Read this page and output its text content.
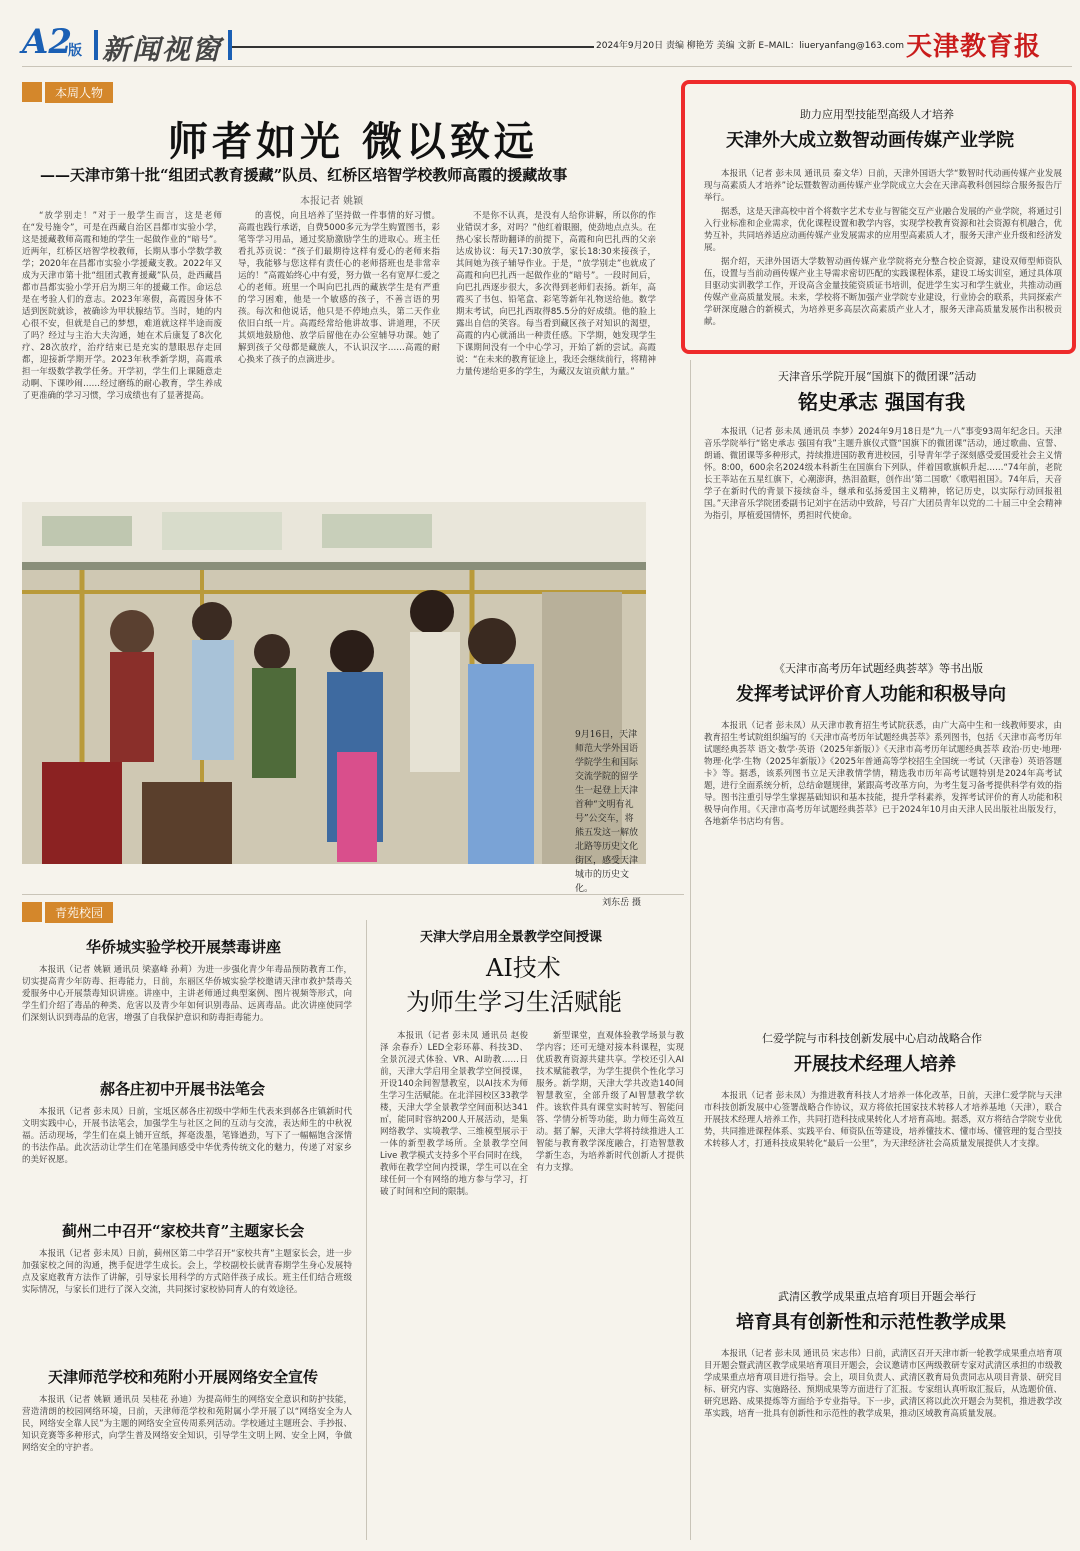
A2
版 新闻视窗	2024年9月20日 责编 柳艳芳 美编 文新 E–MAIL：liueryanfang@163.com 天津教育报
本周人物
师者如光 微以致远
——天津市第十批“组团式教育援藏”队员、红桥区培智学校教师高霞的援藏故事
本报记者 姚颖

“放学别走！”对于一般学生而言，这是老师在“发号施令”，可是在西藏自治区昌都市实验小学，这是援藏教师高霞和她的学生一起做作业的“暗号”。近两年，红桥区培智学校教师，长期从事小学数学教学；2020年在昌都市实验小学援藏支教。2022年又成为天津市第十批“组团式教育援藏”队员，赴西藏昌都市昌都实验小学开启为期三年的援藏工作。命运总是在考验人们的意志。2023年寒假，高霞因身体不适到医院就诊，被确诊为甲状腺结节。当时，她的内心很不安，但就是自己的梦想，难道就这样半途而废了吗？经过与主治大夫沟通，她在术后康复了8次化疗、28次放疗，治疗结束已是充实的慧眼思存走回都，迎接新学期开学。2023年秋季新学期，高霞承担一年级数学教学任务。开学初，学生们上课随意走动啊、下课吵闹……经过磨练的耐心教育，学生养成了更准确的学习习惯，学习成绩也有了显著提高。

的喜悦，向且培养了坚持做一件事情的好习惯。高霞也践行承诺，自费5000多元为学生购置图书，彩笔等学习用品，通过奖励激励学生的进取心。班主任看扎苏贡说：“孩子们最期待这样有爱心的老师来指导，我能够与您这样有责任心的老师搭班也是非常幸运的！”高霞始终心中有爱，努力做一名有宽厚仁爱之心的老师。班里一个叫向巴扎西的藏族学生是有严重的学习困难，他是一个敏感的孩子，不善言语的男孩。每次和他说话，他只是不停地点头，第二天作业依旧白纸一片。高霞经常给他讲故事、讲道理，不厌其烦地鼓励他、放学后留他在办公室辅导功课。她了解到孩子父母都是藏族人，不认识汉字……高霞的耐心换来了孩子的点滴进步。

不是你不认真，是没有人给你讲解，所以你的作业错误才多，对吗？”他红着眼圈，使劲地点点头。在热心家长帮助翻译的前提下，高霞和向巴扎西的父亲达成协议：每天17:30放学，家长18:30来接孩子，其间她为孩子辅导作业。于是，“放学别走”也就成了高霞和向巴扎西一起做作业的“暗号”。一段时间后，向巴扎西逐步很大，多次得到老师们表扬。新年，高霞买了书包、铅笔盒、彩笔等新年礼物送给他。数学期末考试，向巴扎西取得85.5分的好成绩。他的脸上露出自信的笑容。每当看到藏区孩子对知识的渴望，高霞的内心就涌出一种责任感。下学期，她发现学生下课期间没有一个中心学习，开始了新的尝试。高霞说：“在未来的教育征途上，我还会继续前行，将精神力量传递给更多的学生，为藏汉友谊贡献力量。”

9月16日，天津师范大学外国语学院学生和国际交流学院的留学生一起登上天津首种“文明有礼号”公交车，将熊五发这一解放北路等历史文化街区，感受天津城市的历史文化。

刘东岳 摄
助力应用型技能型高级人才培养
天津外大成立数智动画传媒产业学院

本报讯（记者 彭未凤 通讯员 秦文华）日前，天津外国语大学“数智时代动画传媒产业发展现与高素质人才培养”论坛暨数智动画传媒产业学院成立大会在天津高教科创园综合服务报告厅举行。

据悉，这是天津高校中首个将数字艺术专业与智能交互产业融合发展的产业学院，将通过引入行业标准和企业需求，优化课程设置和教学内容，实现学校教育资源和社会资源有机融合，优势互补，共同培养适应动画传媒产业发展需求的应用型高素质人才，服务天津产业升级和经济发展。

据介绍，天津外国语大学数智动画传媒产业学院将充分整合校企资源，建设双师型师资队伍，设置与当前动画传媒产业主导需求密切匹配的实践课程体系，建设工场实训室，通过具体项目驱动实训教学工作，开设高含金量技能资质证书培训，促进学生实习和学生就业，共推动动画传媒产业高质量发展。未来，学校将不断加强产业学院专业建设，行业协会的联系，共同探索产学研深度融合的新模式，为培养更多高层次高素质产业人才，服务天津高质量发展作出积极贡献。

天津音乐学院开展“国旗下的微团课”活动
铭史承志 强国有我

本报讯（记者 彭未凤 通讯员 李梦）2024年9月18日是“九一八”事变93周年纪念日。天津音乐学院举行“铭史承志 强国有我”主题升旗仪式暨“国旗下的微团课”活动，通过歌曲、宣誓、朗诵、微团课等多种形式，持续推进国防教育进校园，引导青年学子深刻感受爱国爱社会主义情怀。8:00，600余名2024级本科新生在国旗台下列队，伴着国歌旗帜升起……“74年前，老院长王莘站在五星红旗下，心潮澎湃，热泪盈眶，创作出‘第二国歌’《歌唱祖国》。74年后，天音学子在新时代的背景下接续奋斗，继承和弘扬爱国主义精神，铭记历史，以实际行动回报祖国。”天津音乐学院团委副书记刘宇在活动中致辞，号召广大团员青年以党的二十届三中全会精神为指引，厚植爱国情怀，勇担时代使命。

《天津市高考历年试题经典荟萃》等书出版
发挥考试评价育人功能和积极导向

本报讯（记者 彭未凤）从天津市教育招生考试院获悉，由广大高中生和一线教师要求，由教育招生考试院组织编写的《天津市高考历年试题经典荟萃》系列图书，包括《天津市高考历年试题经典荟萃 语文·数学·英语（2025年新版）》《天津市高考历年试题经典荟萃 政治·历史·地理·物理·化学·生物（2025年新版）》《2025年普通高等学校招生全国统一考试（天津卷）英语答题卡》等。据悉，该系列图书立足天津教情学情，精选我市历年高考试题特别是2024年高考试题，进行全面系统分析，总结命题规律，紧跟高考改革方向，为考生复习备考提供科学有效的指导。图书注重引导学生掌握基础知识和基本技能，提升学科素养，发挥考试评价的育人功能和积极导向作用。《天津市高考历年试题经典荟萃》已于2024年10月由天津人民出版社出版发行，各地新华书店均有售。

仁爱学院与市科技创新发展中心启动战略合作
开展技术经理人培养

本报讯（记者 彭未凤）为推进教育科技人才培养一体化改革，日前，天津仁爱学院与天津市科技创新发展中心签署战略合作协议，双方将依托国家技术转移人才培养基地（天津），联合开展技术经理人培养工作，共同打造科技成果转化人才培育高地。据悉，双方将结合学院专业优势，共同推进课程体系、实践平台、师资队伍等建设，培养懂技术、懂市场、懂管理的复合型技术转移人才，打通科技成果转化“最后一公里”，为天津经济社会高质量发展提供人才支撑。

武清区教学成果重点培育项目开题会举行
培育具有创新性和示范性教学成果

本报讯（记者 彭未凤 通讯员 宋志伟）日前，武清区召开天津市新一轮教学成果重点培育项目开题会暨武清区教学成果培育项目开题会，会议邀请市区两级教研专家对武清区承担的市级教学成果重点培育项目进行指导。会上，项目负责人、武清区教育局负责同志从项目背景、研究目标、研究内容、实施路径、预期成果等方面进行了汇报。专家组认真听取汇报后，从选题价值、研究思路、成果提炼等方面给予专业指导。下一步，武清区将以此次开题会为契机，推进教学改革实践，培育一批具有创新性和示范性的教学成果，推动区域教育高质量发展。

青苑校园
华侨城实验学校开展禁毒讲座

本报讯（记者 姚颖 通讯员 梁嘉峰 孙莉）为进一步强化青少年毒品预防教育工作，切实提高青少年防毒、拒毒能力，日前，东丽区华侨城实验学校邀请天津市救护禁毒关爱服务中心开展禁毒知识讲座。讲座中，主讲老师通过典型案例、图片视频等形式，向学生们介绍了毒品的种类、危害以及青少年如何识别毒品、远离毒品。此次讲座使同学们深刻认识到毒品的危害，增强了自我保护意识和防毒拒毒能力。

郝各庄初中开展书法笔会

本报讯（记者 彭未凤）日前，宝坻区郝各庄初级中学师生代表来到郝各庄镇新时代文明实践中心，开展书法笔会，加强学生与社区之间的互动与交流，表达师生的中秋祝福。活动现场，学生们在桌上铺开宣纸，挥毫泼墨，笔锋遒劲，写下了一幅幅饱含深情的书法作品。此次活动让学生们在笔墨间感受中华优秀传统文化的魅力，传递了对家乡的美好祝愿。

蓟州二中召开“家校共育”主题家长会

本报讯（记者 彭未凤）日前，蓟州区第二中学召开“家校共育”主题家长会，进一步加强家校之间的沟通，携手促进学生成长。会上，学校副校长就青春期学生身心发展特点及家庭教育方法作了讲解，引导家长用科学的方式陪伴孩子成长。班主任们结合班级实际情况，与家长们进行了深入交流，共同探讨家校协同育人的有效途径。

天津师范学校和苑附小开展网络安全宣传

本报讯（记者 姚颖 通讯员 吴桂花 孙迪）为提高师生的网络安全意识和防护技能，营造清朗的校园网络环境，日前，天津师范学校和苑附属小学开展了以“网络安全为人民，网络安全靠人民”为主题的网络安全宣传周系列活动。学校通过主题班会、手抄报、知识竞赛等多种形式，向学生普及网络安全知识，引导学生文明上网、安全上网，争做网络安全的守护者。

天津大学启用全景教学空间授课
AI技术
为师生学习生活赋能

本报讯（记者 彭未凤 通讯员 赵俊泽 余春乔）LED全彩环幕、科技3D、全景沉浸式体验、VR、AI助教……日前，天津大学启用全景教学空间授课，开设140余间智慧教室，以AI技术为师生学习生活赋能。在北洋园校区33教学楼，天津大学全景教学空间面积达341㎡，能同时容纳200人开展活动，是集网络教学、实境教学、三维模型展示于一体的新型教学场所。全景教学空间 Live 教学模式支持多个平台同时在线，教师在教学空间内授课，学生可以在全球任何一个有网络的地方参与学习，打破了时间和空间的限制。

新型课堂，直观体验教学场景与教学内容；还可无缝对接本科课程，实现优质教育资源共建共享。学校还引入AI技术赋能教学，为学生提供个性化学习服务。新学期，天津大学共改造140间智慧教室，全部升级了AI智慧教学软件。该软件具有课堂实时转写、智能问答、学情分析等功能，助力师生高效互动。据了解，天津大学将持续推进人工智能与教育教学深度融合，打造智慧教学新生态，为培养新时代创新人才提供有力支撑。
